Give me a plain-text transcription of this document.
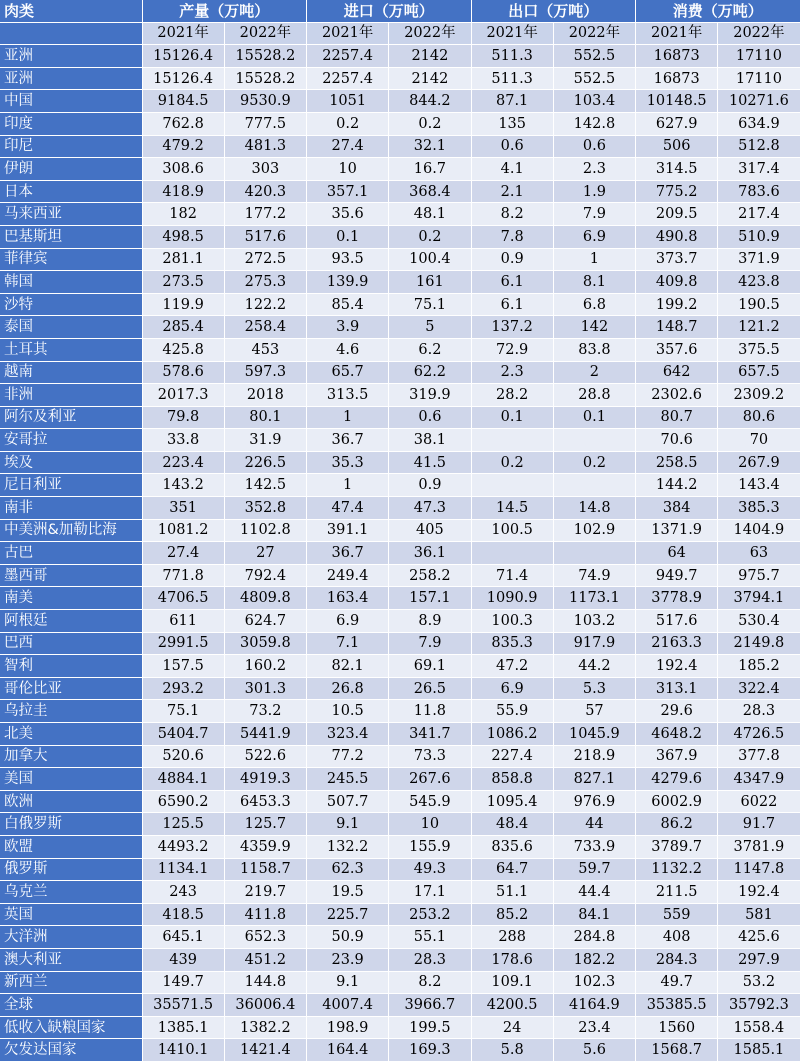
肉类	产量（万吨）		进口（万吨）		出口（万吨）		消费（万吨）	
	2021年	2022年	2021年	2022年	2021年	2022年	2021年	2022年
亚洲	15126.4	15528.2	2257.4	2142	511.3	552.5	16873	17110
亚洲	15126.4	15528.2	2257.4	2142	511.3	552.5	16873	17110
中国	9184.5	9530.9	1051	844.2	87.1	103.4	10148.5	10271.6
印度	762.8	777.5	0.2	0.2	135	142.8	627.9	634.9
印尼	479.2	481.3	27.4	32.1	0.6	0.6	506	512.8
伊朗	308.6	303	10	16.7	4.1	2.3	314.5	317.4
日本	418.9	420.3	357.1	368.4	2.1	1.9	775.2	783.6
马来西亚	182	177.2	35.6	48.1	8.2	7.9	209.5	217.4
巴基斯坦	498.5	517.6	0.1	0.2	7.8	6.9	490.8	510.9
菲律宾	281.1	272.5	93.5	100.4	0.9	1	373.7	371.9
韩国	273.5	275.3	139.9	161	6.1	8.1	409.8	423.8
沙特	119.9	122.2	85.4	75.1	6.1	6.8	199.2	190.5
泰国	285.4	258.4	3.9	5	137.2	142	148.7	121.2
土耳其	425.8	453	4.6	6.2	72.9	83.8	357.6	375.5
越南	578.6	597.3	65.7	62.2	2.3	2	642	657.5
非洲	2017.3	2018	313.5	319.9	28.2	28.8	2302.6	2309.2
阿尔及利亚	79.8	80.1	1	0.6	0.1	0.1	80.7	80.6
安哥拉	33.8	31.9	36.7	38.1			70.6	70
埃及	223.4	226.5	35.3	41.5	0.2	0.2	258.5	267.9
尼日利亚	143.2	142.5	1	0.9			144.2	143.4
南非	351	352.8	47.4	47.3	14.5	14.8	384	385.3
中美洲&加勒比海	1081.2	1102.8	391.1	405	100.5	102.9	1371.9	1404.9
古巴	27.4	27	36.7	36.1			64	63
墨西哥	771.8	792.4	249.4	258.2	71.4	74.9	949.7	975.7
南美	4706.5	4809.8	163.4	157.1	1090.9	1173.1	3778.9	3794.1
阿根廷	611	624.7	6.9	8.9	100.3	103.2	517.6	530.4
巴西	2991.5	3059.8	7.1	7.9	835.3	917.9	2163.3	2149.8
智利	157.5	160.2	82.1	69.1	47.2	44.2	192.4	185.2
哥伦比亚	293.2	301.3	26.8	26.5	6.9	5.3	313.1	322.4
乌拉圭	75.1	73.2	10.5	11.8	55.9	57	29.6	28.3
北美	5404.7	5441.9	323.4	341.7	1086.2	1045.9	4648.2	4726.5
加拿大	520.6	522.6	77.2	73.3	227.4	218.9	367.9	377.8
美国	4884.1	4919.3	245.5	267.6	858.8	827.1	4279.6	4347.9
欧洲	6590.2	6453.3	507.7	545.9	1095.4	976.9	6002.9	6022
白俄罗斯	125.5	125.7	9.1	10	48.4	44	86.2	91.7
欧盟	4493.2	4359.9	132.2	155.9	835.6	733.9	3789.7	3781.9
俄罗斯	1134.1	1158.7	62.3	49.3	64.7	59.7	1132.2	1147.8
乌克兰	243	219.7	19.5	17.1	51.1	44.4	211.5	192.4
英国	418.5	411.8	225.7	253.2	85.2	84.1	559	581
大洋洲	645.1	652.3	50.9	55.1	288	284.8	408	425.6
澳大利亚	439	451.2	23.9	28.3	178.6	182.2	284.3	297.9
新西兰	149.7	144.8	9.1	8.2	109.1	102.3	49.7	53.2
全球	35571.5	36006.4	4007.4	3966.7	4200.5	4164.9	35385.5	35792.3
低收入缺粮国家	1385.1	1382.2	198.9	199.5	24	23.4	1560	1558.4
欠发达国家	1410.1	1421.4	164.4	169.3	5.8	5.6	1568.7	1585.1
